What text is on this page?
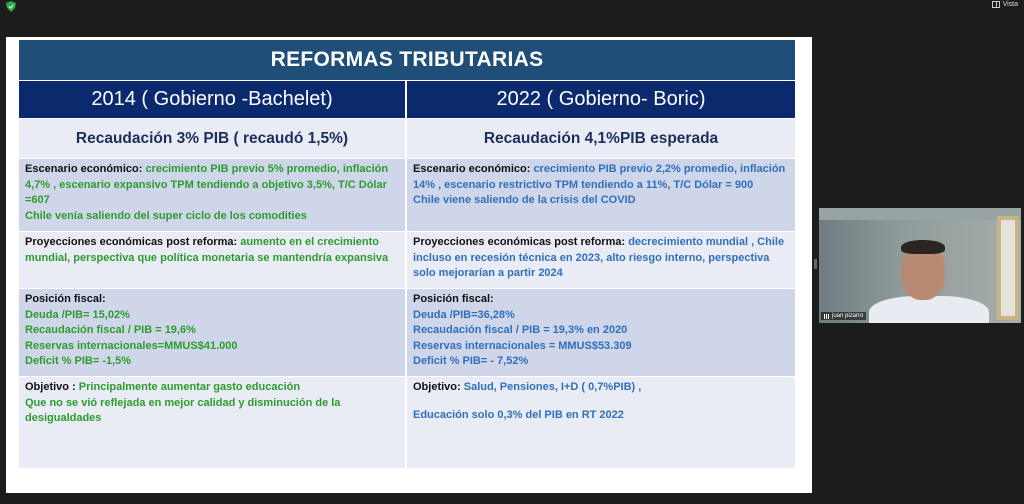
Vista
REFORMAS TRIBUTARIAS
2014 ( Gobierno -Bachelet)
Recaudación 3% PIB ( recaudó 1,5%)
Escenario económico: crecimiento PIB previo 5% promedio, inflación 4,7% , escenario expansivo TPM tendiendo a objetivo 3,5%, T/C Dólar =607
Chile venía saliendo del super ciclo de los comodities
Proyecciones económicas post reforma: aumento en el crecimiento mundial, perspectiva que política monetaria se mantendría expansiva
Posición fiscal:
Deuda /PIB= 15,02%
Recaudación fiscal / PIB = 19,6%
Reservas internacionales=MMUS$41.000
Deficit % PIB= -1,5%
Objetivo : Principalmente aumentar gasto educación
Que no se vió reflejada en mejor calidad y disminución de la desigualdades
2022 ( Gobierno- Boric)
Recaudación 4,1%PIB esperada
Escenario económico: crecimiento PIB previo 2,2% promedio, inflación 14% , escenario restrictivo TPM tendiendo a 11%, T/C Dólar = 900
Chile viene saliendo de la crisis del COVID
Proyecciones económicas post reforma: decrecimiento mundial , Chile incluso en recesión técnica en 2023, alto riesgo interno, perspectiva solo mejorarían a partir 2024
Posición fiscal:
Deuda /PIB=36,28%
Recaudación fiscal / PIB = 19,3% en 2020
Reservas internacionales = MMUS$53.309
Deficit % PIB= - 7,52%
Objetivo: Salud, Pensiones, I+D ( 0,7%PIB) ,
Educación solo 0,3% del PIB en RT 2022
juan pizarro
